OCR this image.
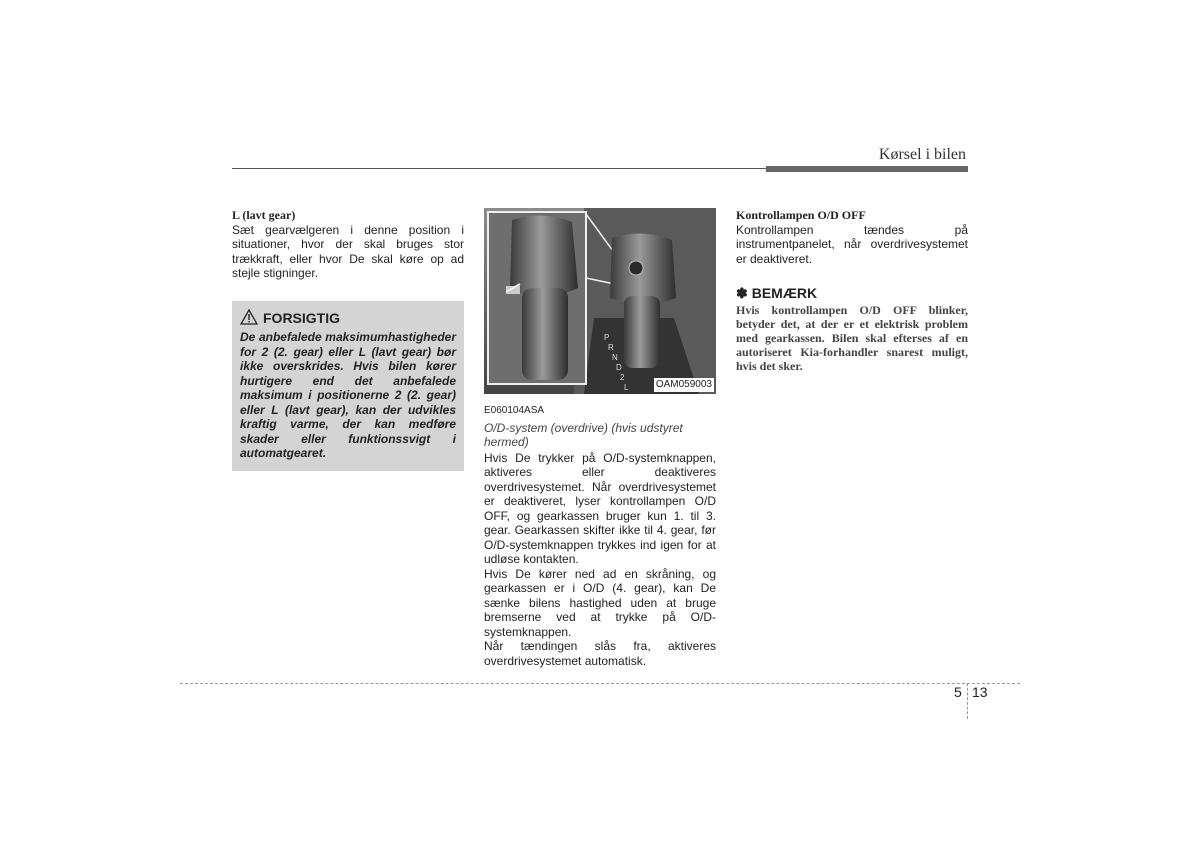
Kørsel i bilen
L (lavt gear)

Sæt gearvælgeren i denne position i situationer, hvor der skal bruges stor trækkraft, eller hvor De skal køre op ad stejle stigninger.

FORSIGTIG

De anbefalede maksimumhastigheder for 2 (2. gear) eller L (lavt gear) bør ikke overskrides. Hvis bilen kører hurtigere end det anbefalede maksimum i positionerne 2 (2. gear) eller L (lavt gear), kan der udvikles kraftig varme, der kan medføre skader eller funktionssvigt i automatgearet.

P
R
N
D
2
L	OAM059003
E060104ASA
O/D-system (overdrive) (hvis udstyret hermed)

Hvis De trykker på O/D-systemknappen, aktiveres eller deaktiveres overdrivesystemet. Når overdrivesystemet er deaktiveret, lyser kontrollampen O/D OFF, og gearkassen bruger kun 1. til 3. gear. Gearkassen skifter ikke til 4. gear, før O/D-systemknappen trykkes ind igen for at udløse kontakten.

Hvis De kører ned ad en skråning, og gearkassen er i O/D (4. gear), kan De sænke bilens hastighed uden at bruge bremserne ved at trykke på O/D-systemknappen.

Når tændingen slås fra, aktiveres overdrivesystemet automatisk.

Kontrollampen O/D OFF

Kontrollampen tændes på instrumentpanelet, når overdrivesystemet er deaktiveret.

✽ BEMÆRK

Hvis kontrollampen O/D OFF blinker, betyder det, at der er et elektrisk problem med gearkassen. Bilen skal efterses af en autoriseret Kia-forhandler snarest muligt, hvis det sker.

5 13
